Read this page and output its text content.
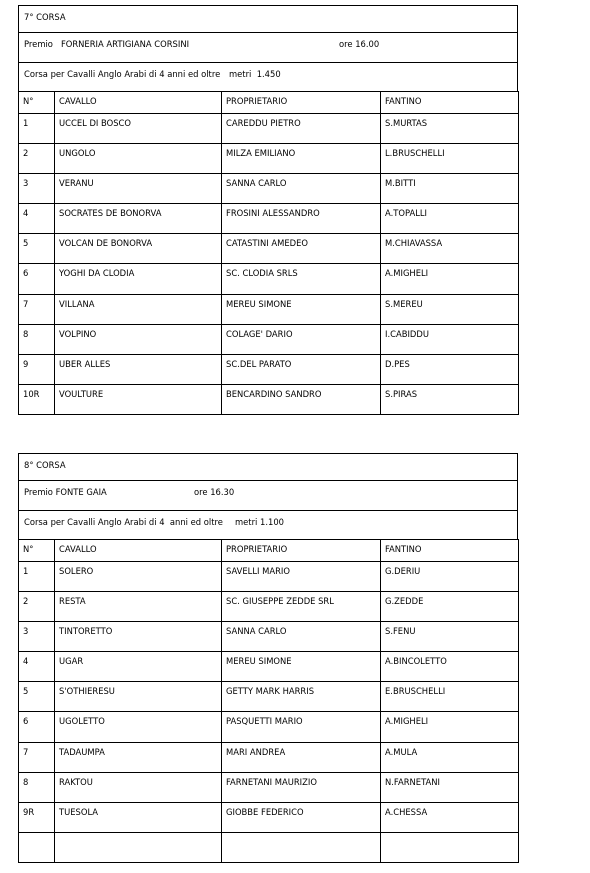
7° CORSA
Premio FORNERIA ARTIGIANA CORSINI	ore 16.00
Corsa per Cavalli Anglo Arabi di 4 anni ed oltre metri  1.450
N°	CAVALLO	PROPRIETARIO	FANTINO
1	UCCEL DI BOSCO	CAREDDU PIETRO	S.MURTAS
2	UNGOLO	MILZA EMILIANO	L.BRUSCHELLI
3	VERANU	SANNA CARLO	M.BITTI
4	SOCRATES DE BONORVA	FROSINI ALESSANDRO	A.TOPALLI
5	VOLCAN DE BONORVA	CATASTINI AMEDEO	M.CHIAVASSA
6	YOGHI DA CLODIA	SC. CLODIA SRLS	A.MIGHELI
7	VILLANA	MEREU SIMONE	S.MEREU
8	VOLPINO	COLAGE' DARIO	I.CABIDDU
9	UBER ALLES	SC.DEL PARATO	D.PES
10R	VOULTURE	BENCARDINO SANDRO	S.PIRAS
8° CORSA
Premio FONTE GAIA	ore 16.30
Corsa per Cavalli Anglo Arabi di 4  anni ed oltre metri 1.100
N°	CAVALLO	PROPRIETARIO	FANTINO
1	SOLERO	SAVELLI MARIO	G.DERIU
2	RESTA	SC. GIUSEPPE ZEDDE SRL	G.ZEDDE
3	TINTORETTO	SANNA CARLO	S.FENU
4	UGAR	MEREU SIMONE	A.BINCOLETTO
5	S'OTHIERESU	GETTY MARK HARRIS	E.BRUSCHELLI
6	UGOLETTO	PASQUETTI MARIO	A.MIGHELI
7	TADAUMPA	MARI ANDREA	A.MULA
8	RAKTOU	FARNETANI MAURIZIO	N.FARNETANI
9R	TUESOLA	GIOBBE FEDERICO	A.CHESSA
